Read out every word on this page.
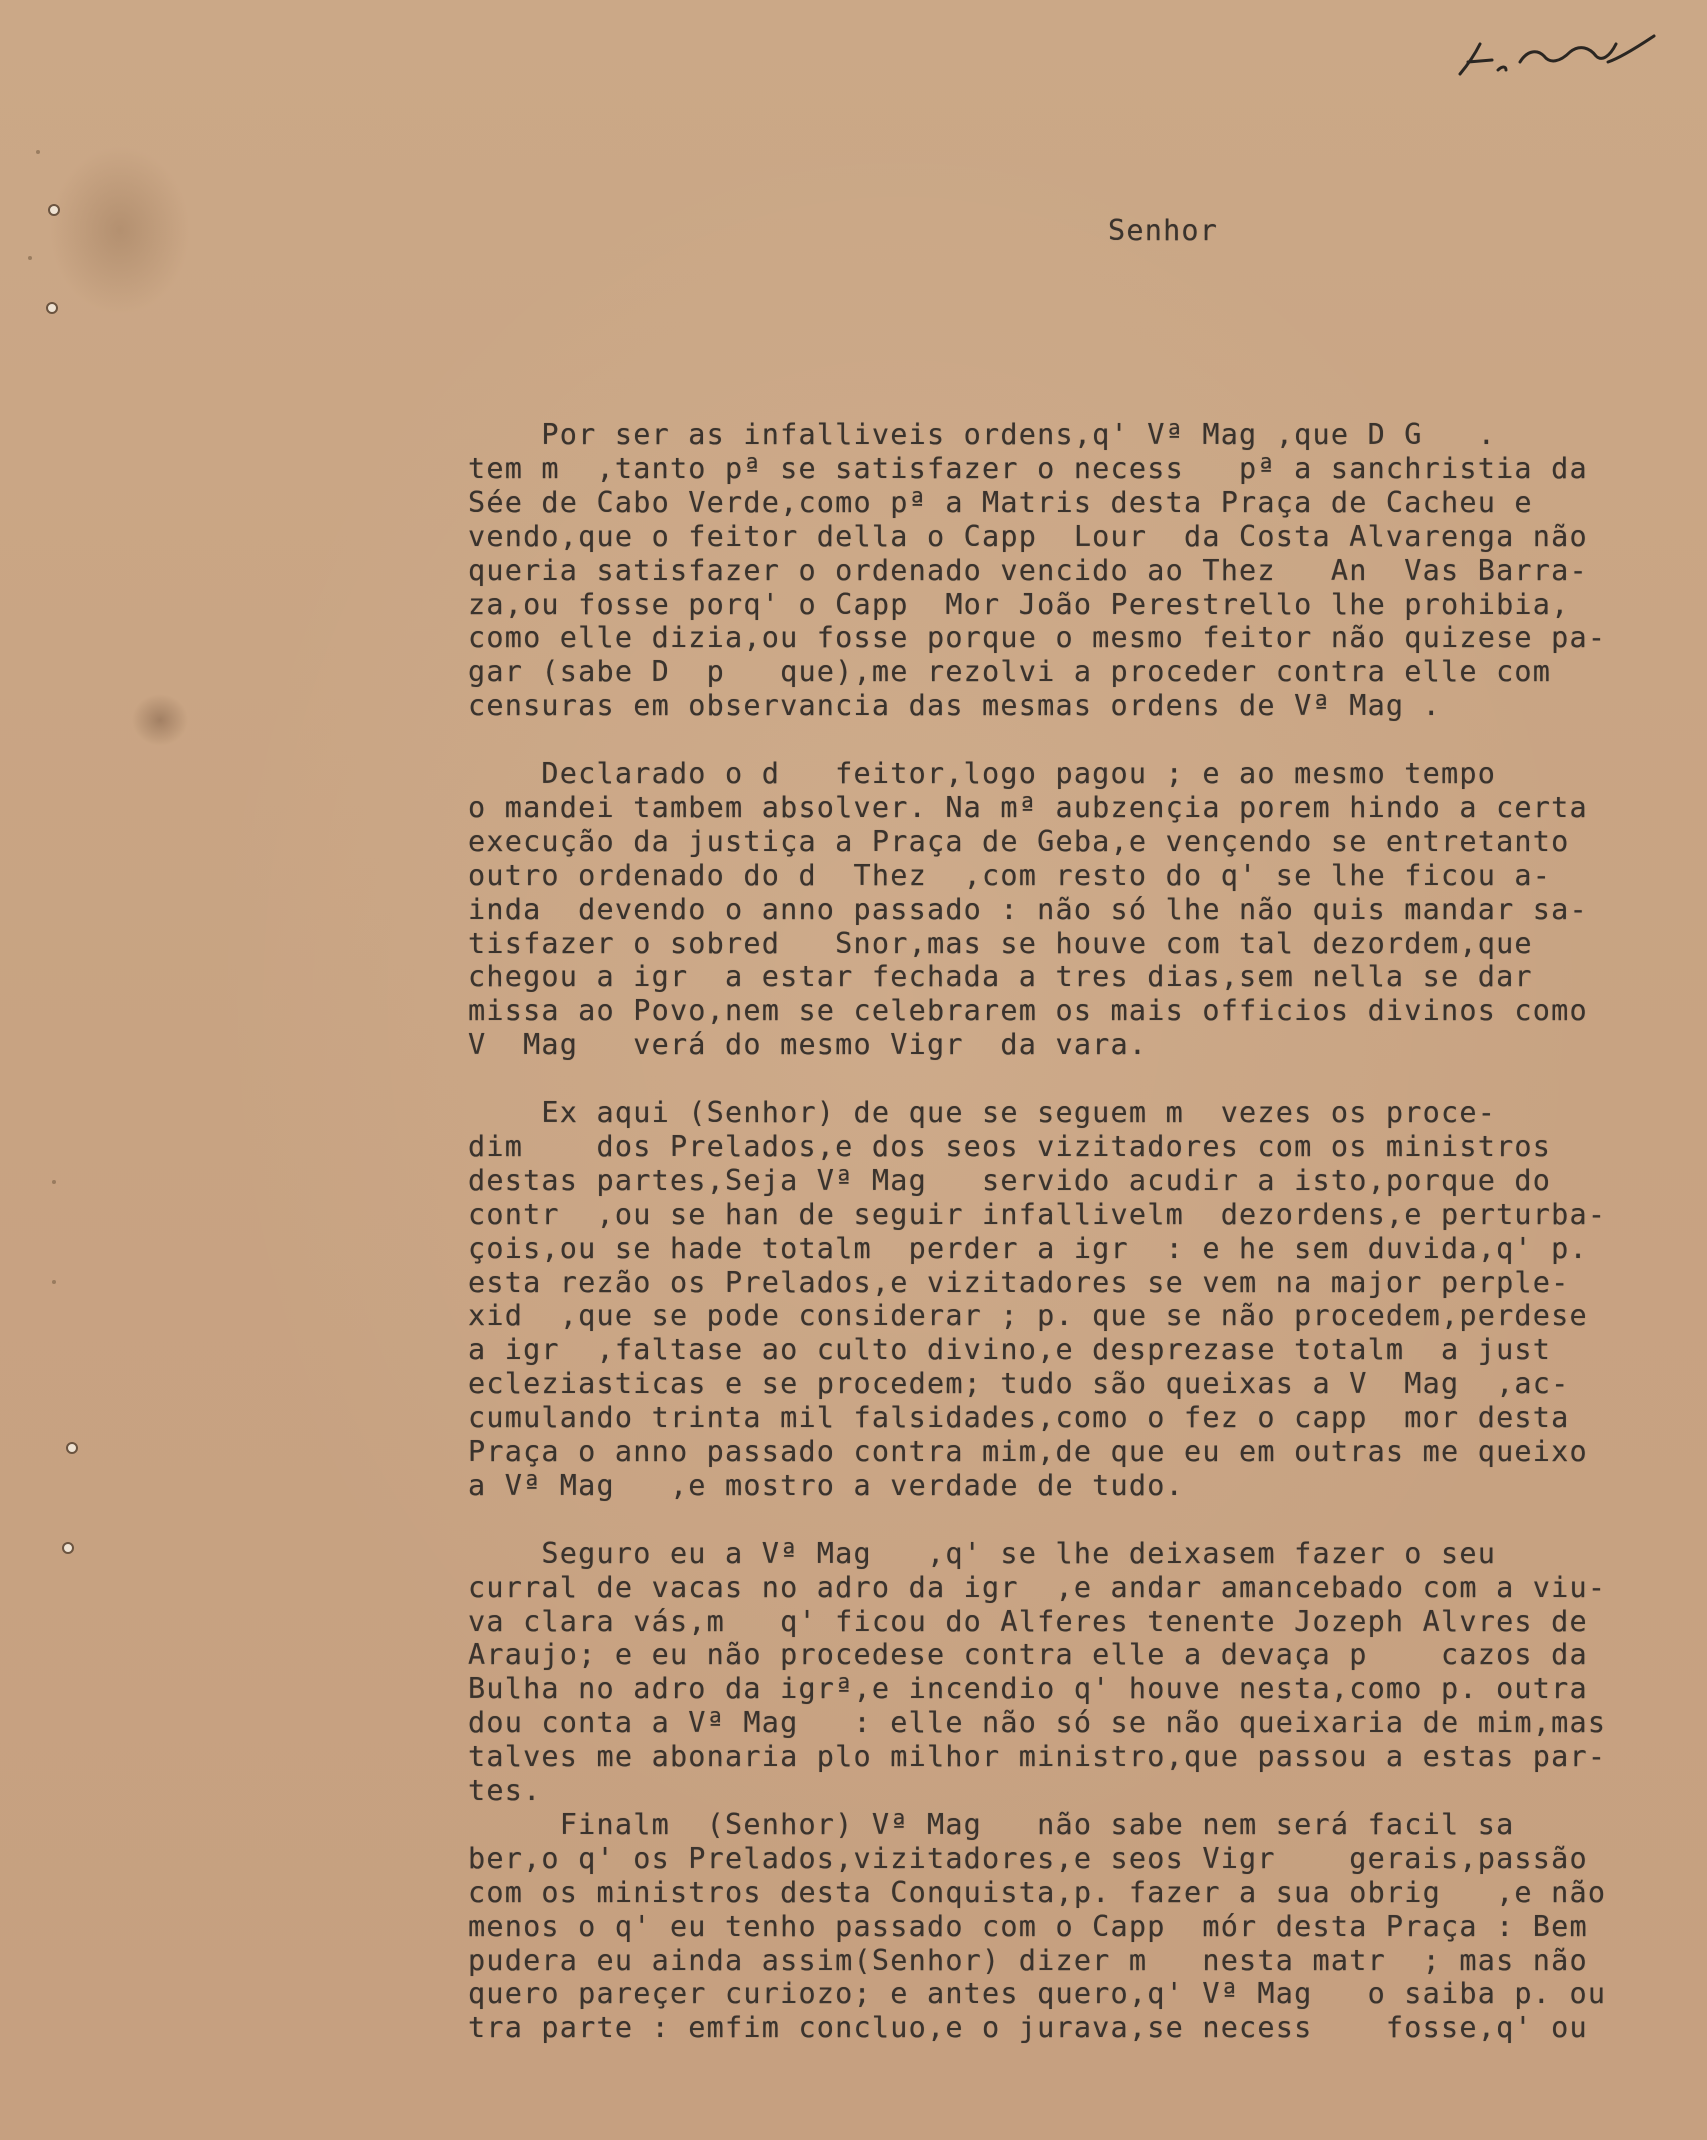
Senhor
Por ser as infalliveis ordens,q' Vª Mag ,que D G   .
tem m  ,tanto pª se satisfazer o necess   pª a sanchristia da
Sée de Cabo Verde,como pª a Matris desta Praça de Cacheu e
vendo,que o feitor della o Capp  Lour  da Costa Alvarenga não
queria satisfazer o ordenado vencido ao Thez   An  Vas Barra-
za,ou fosse porq' o Capp  Mor João Perestrello lhe prohibia,
como elle dizia,ou fosse porque o mesmo feitor não quizese pa-
gar (sabe D  p   que),me rezolvi a proceder contra elle com
censuras em observancia das mesmas ordens de Vª Mag .
Declarado o d   feitor,logo pagou ; e ao mesmo tempo
o mandei tambem absolver. Na mª aubzençia porem hindo a certa
execução da justiça a Praça de Geba,e vençendo se entretanto
outro ordenado do d  Thez  ,com resto do q' se lhe ficou a-
inda  devendo o anno passado : não só lhe não quis mandar sa-
tisfazer o sobred   Snor,mas se houve com tal dezordem,que
chegou a igr  a estar fechada a tres dias,sem nella se dar
missa ao Povo,nem se celebrarem os mais officios divinos como
V  Mag   verá do mesmo Vigr  da vara.
Ex aqui (Senhor) de que se seguem m  vezes os proce-
dim    dos Prelados,e dos seos vizitadores com os ministros
destas partes,Seja Vª Mag   servido acudir a isto,porque do
contr  ,ou se han de seguir infallivelm  dezordens,e perturba-
çois,ou se hade totalm  perder a igr  : e he sem duvida,q' p.
esta rezão os Prelados,e vizitadores se vem na major perple-
xid  ,que se pode considerar ; p. que se não procedem,perdese
a igr  ,faltase ao culto divino,e desprezase totalm  a just
ecleziasticas e se procedem; tudo são queixas a V  Mag  ,ac-
cumulando trinta mil falsidades,como o fez o capp  mor desta
Praça o anno passado contra mim,de que eu em outras me queixo
a Vª Mag   ,e mostro a verdade de tudo.
Seguro eu a Vª Mag   ,q' se lhe deixasem fazer o seu
curral de vacas no adro da igr  ,e andar amancebado com a viu-
va clara vás,m   q' ficou do Alferes tenente Jozeph Alvres de
Araujo; e eu não procedese contra elle a devaça p    cazos da
Bulha no adro da igrª,e incendio q' houve nesta,como p. outra
dou conta a Vª Mag   : elle não só se não queixaria de mim,mas
talves me abonaria plo milhor ministro,que passou a estas par-
tes.
Finalm  (Senhor) Vª Mag   não sabe nem será facil sa
ber,o q' os Prelados,vizitadores,e seos Vigr    gerais,passão
com os ministros desta Conquista,p. fazer a sua obrig   ,e não
menos o q' eu tenho passado com o Capp  mór desta Praça : Bem
pudera eu ainda assim(Senhor) dizer m   nesta matr  ; mas não
quero pareçer curiozo; e antes quero,q' Vª Mag   o saiba p. ou
tra parte : emfim concluo,e o jurava,se necess    fosse,q' ou
